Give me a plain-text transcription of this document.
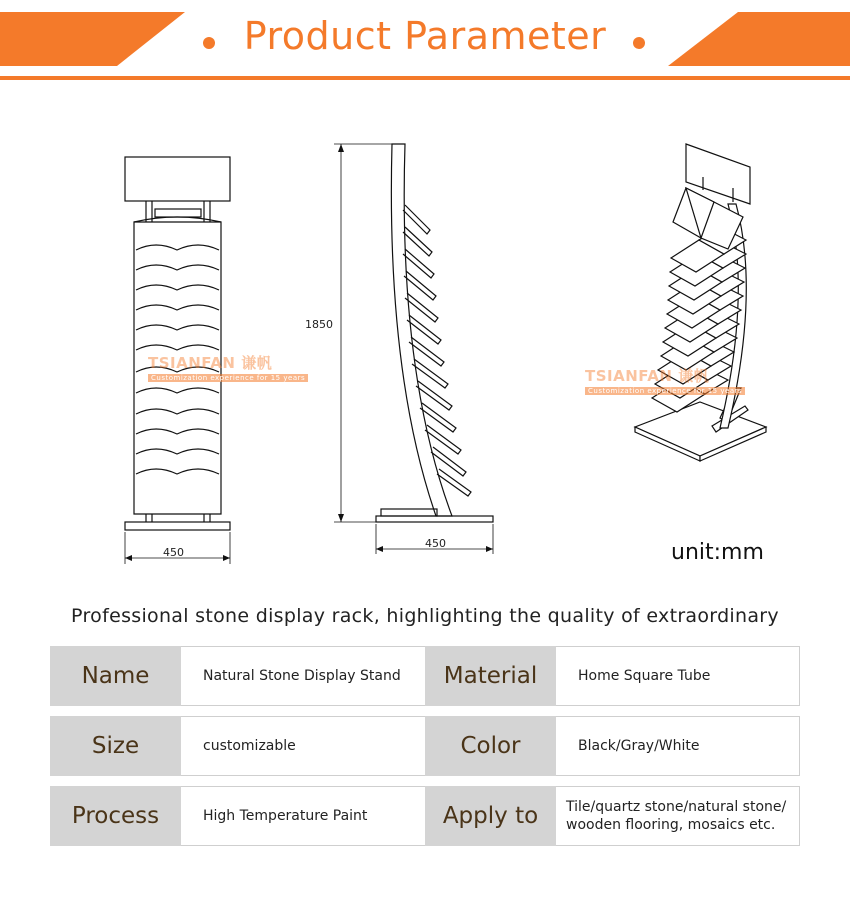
Product Parameter
450
1850
450
TSIANFAN 谦帆
Customization experience for 15 years	TSIANFAN 谦帆
Customization experience for 15 years
unit:mm
Professional stone display rack, highlighting the quality of extraordinary
Name	Natural Stone Display Stand	Material	Home Square Tube
Size	customizable	Color	Black/Gray/White
Process	High Temperature Paint	Apply to	Tile/quartz stone/natural stone/
wooden flooring, mosaics etc.
